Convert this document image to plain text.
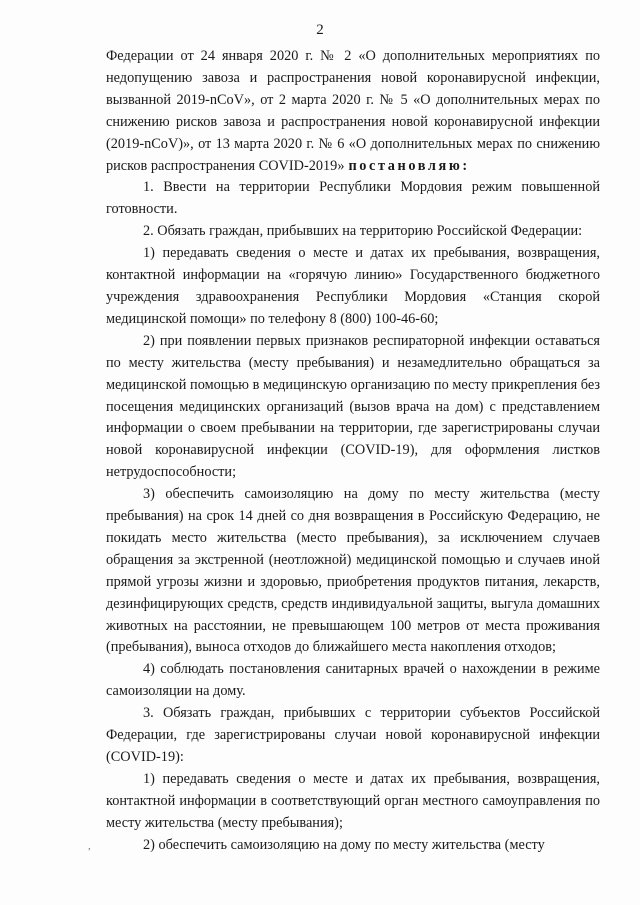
2

Федерации от 24 января 2020 г. № 2 «О дополнительных мероприятиях по недопущению завоза и распространения новой коронавирусной инфекции, вызванной 2019-nCoV», от 2 марта 2020 г. № 5 «О дополнительных мерах по снижению рисков завоза и распространения новой коронавирусной инфекции (2019-nCoV)», от 13 марта 2020 г. № 6 «О дополнительных мерах по снижению рисков распространения COVID-2019» постановляю:

1. Ввести на территории Республики Мордовия режим повышенной готовности.

2. Обязать граждан, прибывших на территорию Российской Федерации:

1) передавать сведения о месте и датах их пребывания, возвращения, контактной информации на «горячую линию» Государственного бюджетного учреждения здравоохранения Республики Мордовия «Станция скорой медицинской помощи» по телефону 8 (800) 100-46-60;

2) при появлении первых признаков респираторной инфекции оставаться по месту жительства (месту пребывания) и незамедлительно обращаться за медицинской помощью в медицинскую организацию по месту прикрепления без посещения медицинских организаций (вызов врача на дом) с представлением информации о своем пребывании на территории, где зарегистрированы случаи новой коронавирусной инфекции (COVID-19), для оформления листков нетрудоспособности;

3) обеспечить самоизоляцию на дому по месту жительства (месту пребывания) на срок 14 дней со дня возвращения в Российскую Федерацию, не покидать место жительства (место пребывания), за исключением случаев обращения за экстренной (неотложной) медицинской помощью и случаев иной прямой угрозы жизни и здоровью, приобретения продуктов питания, лекарств, дезинфицирующих средств, средств индивидуальной защиты, выгула домашних животных на расстоянии, не превышающем 100 метров от места проживания (пребывания), выноса отходов до ближайшего места накопления отходов;

4) соблюдать постановления санитарных врачей о нахождении в режиме самоизоляции на дому.

3. Обязать граждан, прибывших с территории субъектов Российской Федерации, где зарегистрированы случаи новой коронавирусной инфекции (COVID-19):

1) передавать сведения о месте и датах их пребывания, возвращения, контактной информации в соответствующий орган местного самоуправления по месту жительства (месту пребывания);

2) обеспечить самоизоляцию на дому по месту жительства (месту

,
